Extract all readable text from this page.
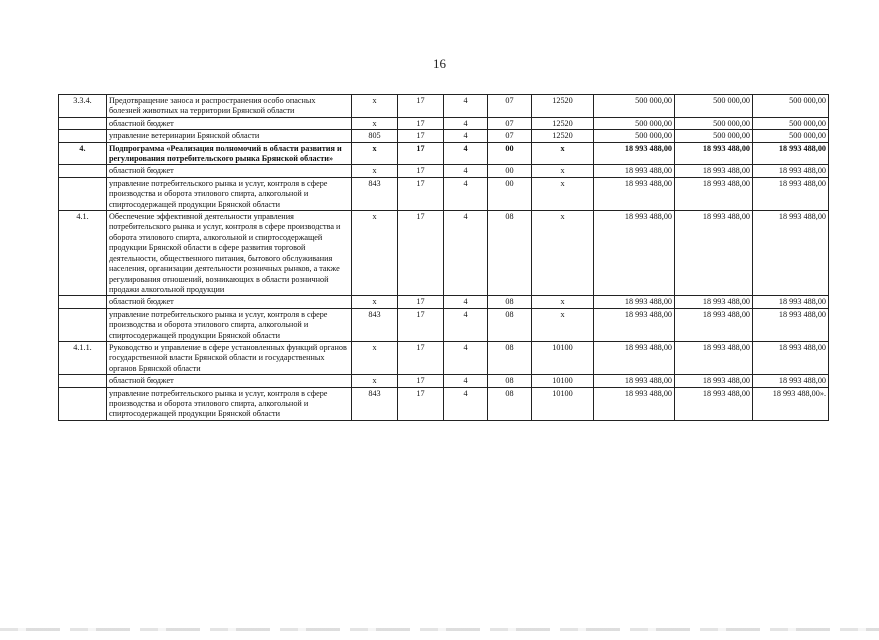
16
3.3.4.	Предотвращение заноса и распространения особо опасных болезней животных на территории Брянской области	х	17	4	07	12520	500 000,00	500 000,00	500 000,00
	областной бюджет	х	17	4	07	12520	500 000,00	500 000,00	500 000,00
	управление ветеринарии Брянской области	805	17	4	07	12520	500 000,00	500 000,00	500 000,00
4.	Подпрограмма «Реализация полномочий в области развития и регулирования потребительского рынка Брянской области»	х	17	4	00	х	18 993 488,00	18 993 488,00	18 993 488,00
	областной бюджет	х	17	4	00	х	18 993 488,00	18 993 488,00	18 993 488,00
	управление потребительского рынка и услуг, контроля в сфере производства и оборота этилового спирта, алкогольной и спиртосодержащей продукции Брянской области	843	17	4	00	х	18 993 488,00	18 993 488,00	18 993 488,00
4.1.	Обеспечение эффективной деятельности управления потребительского рынка и услуг, контроля в сфере производства и оборота этилового спирта, алкогольной и спиртосодержащей продукции Брянской области в сфере развития торговой деятельности, общественного питания, бытового обслуживания населения, организации деятельности розничных рынков, а также регулирования отношений, возникающих в области розничной продажи алкогольной продукции	х	17	4	08	х	18 993 488,00	18 993 488,00	18 993 488,00
	областной бюджет	х	17	4	08	х	18 993 488,00	18 993 488,00	18 993 488,00
	управление потребительского рынка и услуг, контроля в сфере производства и оборота этилового спирта, алкогольной и спиртосодержащей продукции Брянской области	843	17	4	08	х	18 993 488,00	18 993 488,00	18 993 488,00
4.1.1.	Руководство и управление в сфере установленных функций органов государственной власти Брянской области и государственных органов Брянской области	х	17	4	08	10100	18 993 488,00	18 993 488,00	18 993 488,00
	областной бюджет	х	17	4	08	10100	18 993 488,00	18 993 488,00	18 993 488,00
	управление потребительского рынка и услуг, контроля в сфере производства и оборота этилового спирта, алкогольной и спиртосодержащей продукции Брянской области	843	17	4	08	10100	18 993 488,00	18 993 488,00	18 993 488,00».
